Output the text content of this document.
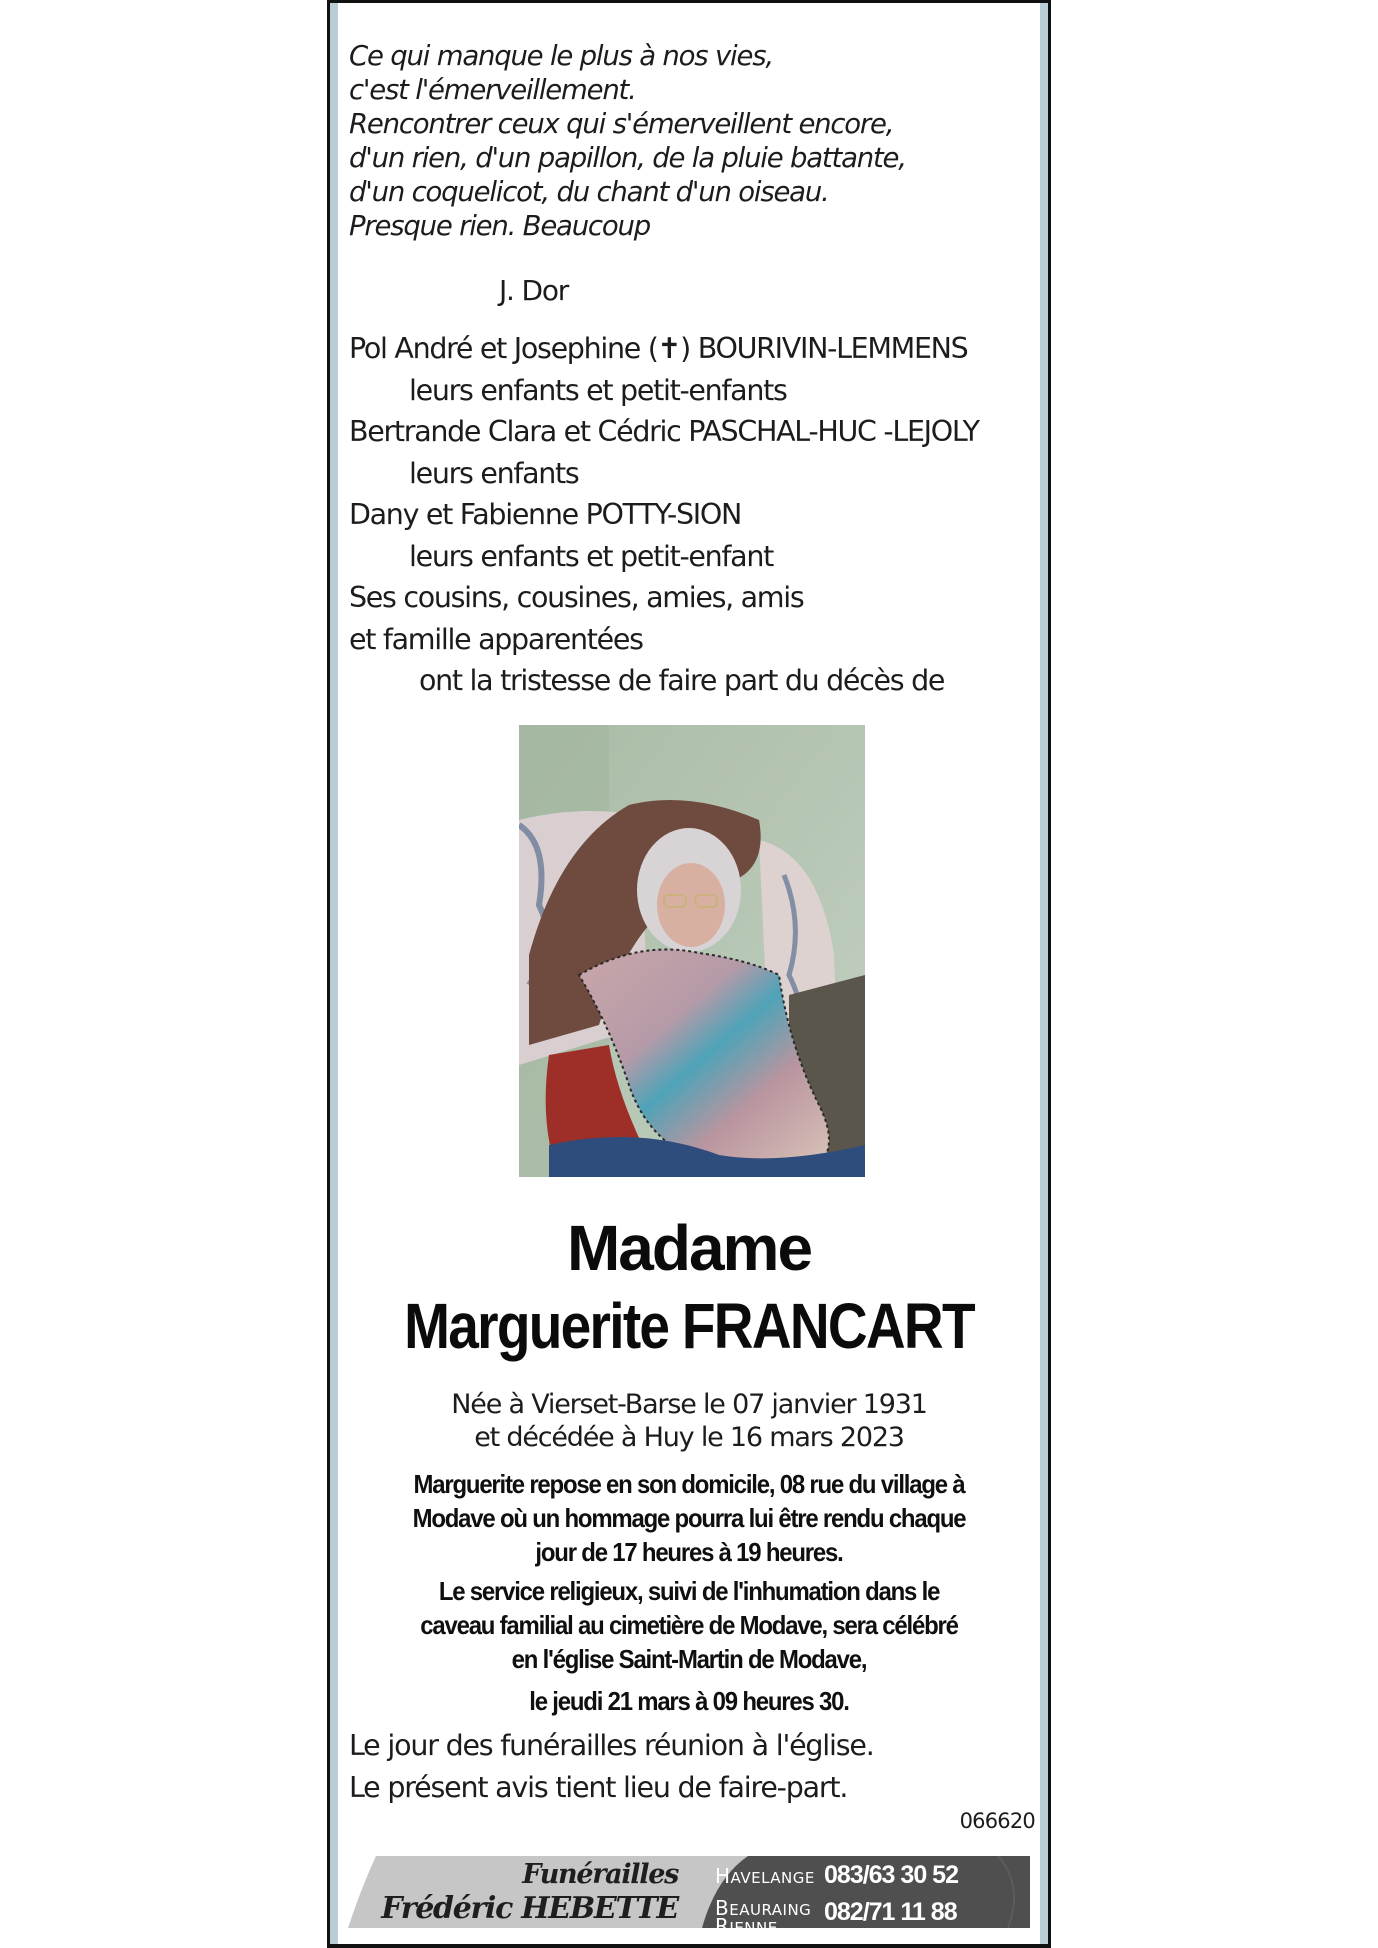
Ce qui manque le plus à nos vies,
c'est l'émerveillement.
Rencontrer ceux qui s'émerveillent encore,
d'un rien, d'un papillon, de la pluie battante,
d'un coquelicot, du chant d'un oiseau.
Presque rien. Beaucoup
J. Dor
Pol André et Josephine (✝) BOURIVIN-LEMMENS
leurs enfants et petit-enfants
Bertrande Clara et Cédric PASCHAL-HUC -LEJOLY
leurs enfants
Dany et Fabienne POTTY-SION
leurs enfants et petit-enfant
Ses cousins, cousines, amies, amis
et famille apparentées
ont la tristesse de faire part du décès de
Madame
Marguerite FRANCART
Née à Vierset-Barse le 07 janvier 1931
et décédée à Huy le 16 mars 2023
Marguerite repose en son domicile, 08 rue du village à
Modave où un hommage pourra lui être rendu chaque
jour de 17 heures à 19 heures.
Le service religieux, suivi de l'inhumation dans le
caveau familial au cimetière de Modave, sera célébré
en l'église Saint-Martin de Modave,
le jeudi 21 mars à 09 heures 30.
Le jour des funérailles réunion à l'église.
Le présent avis tient lieu de faire-part.
066620
Funérailles
Frédéric HEBETTE
HAVELANGE
BEAURAING
RIENNE
083/63 30 52
082/71 11 88
